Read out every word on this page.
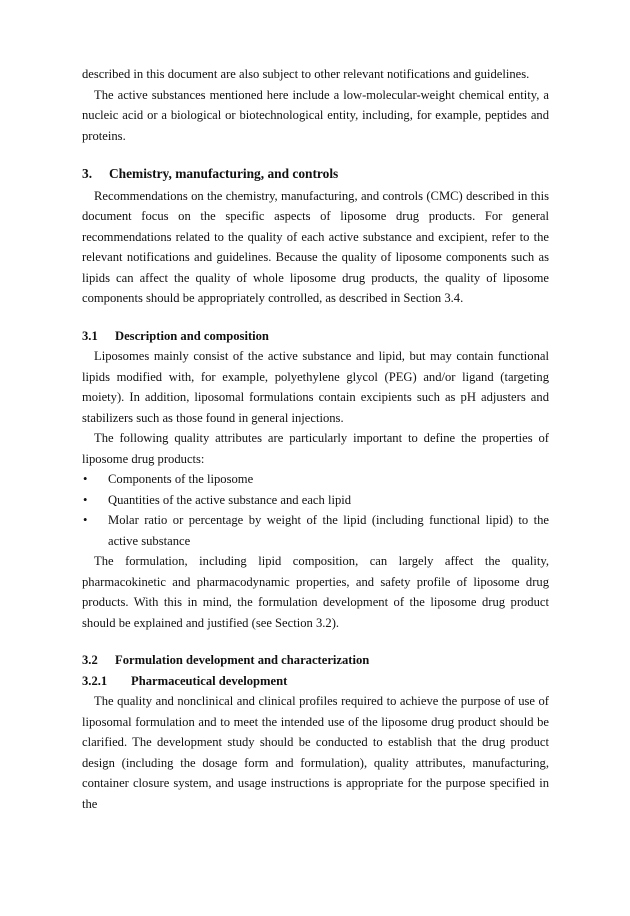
described in this document are also subject to other relevant notifications and guidelines.

The active substances mentioned here include a low-molecular-weight chemical entity, a nucleic acid or a biological or biotechnological entity, including, for example, peptides and proteins.

3. Chemistry, manufacturing, and controls

Recommendations on the chemistry, manufacturing, and controls (CMC) described in this document focus on the specific aspects of liposome drug products. For general recommendations related to the quality of each active substance and excipient, refer to the relevant notifications and guidelines. Because the quality of liposome components such as lipids can affect the quality of whole liposome drug products, the quality of liposome components should be appropriately controlled, as described in Section 3.4.

3.1 Description and composition

Liposomes mainly consist of the active substance and lipid, but may contain functional lipids modified with, for example, polyethylene glycol (PEG) and/or ligand (targeting moiety). In addition, liposomal formulations contain excipients such as pH adjusters and stabilizers such as those found in general injections.

The following quality attributes are particularly important to define the properties of liposome drug products:

• Components of the liposome
• Quantities of the active substance and each lipid
• Molar ratio or percentage by weight of the lipid (including functional lipid) to the active substance

The formulation, including lipid composition, can largely affect the quality, pharmacokinetic and pharmacodynamic properties, and safety profile of liposome drug products. With this in mind, the formulation development of the liposome drug product should be explained and justified (see Section 3.2).

3.2 Formulation development and characterization
3.2.1 Pharmaceutical development

The quality and nonclinical and clinical profiles required to achieve the purpose of use of liposomal formulation and to meet the intended use of the liposome drug product should be clarified. The development study should be conducted to establish that the drug product design (including the dosage form and formulation), quality attributes, manufacturing, container closure system, and usage instructions is appropriate for the purpose specified in the
